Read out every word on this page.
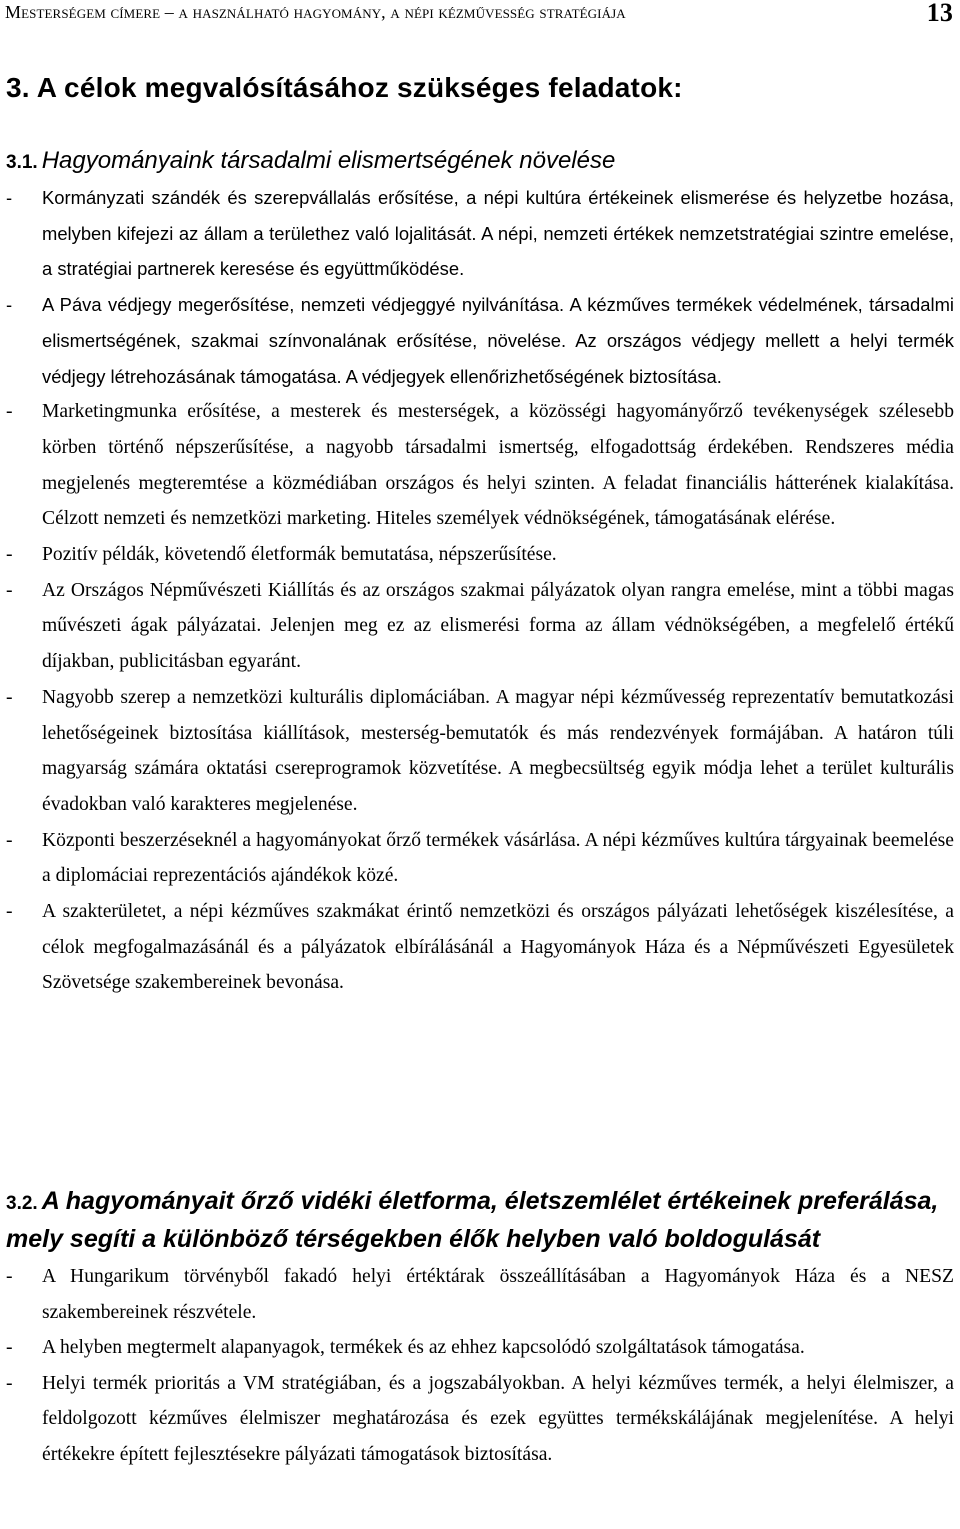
Mesterségem címere – a használható hagyomány, a népi kézművesség stratégiája	13
3. A célok megvalósításához szükséges feladatok:
3.1. Hagyományaink társadalmi elismertségének növelése
- Kormányzati szándék és szerepvállalás erősítése, a népi kultúra értékeinek elismerése és helyzetbe hozása, melyben kifejezi az állam a területhez való lojalitását. A népi, nemzeti értékek nemzetstratégiai szintre emelése, a stratégiai partnerek keresése és együttműködése.
- A Páva védjegy megerősítése, nemzeti védjeggyé nyilvánítása. A kézműves termékek védelmének, társadalmi elismertségének, szakmai színvonalának erősítése, növelése. Az országos védjegy mellett a helyi termék védjegy létrehozásának támogatása. A védjegyek ellenőrizhetőségének biztosítása.
- Marketingmunka erősítése, a mesterek és mesterségek, a közösségi hagyományőrző tevékenységek szélesebb körben történő népszerűsítése, a nagyobb társadalmi ismertség, elfogadottság érdekében. Rendszeres média megjelenés megteremtése a közmédiában országos és helyi szinten. A feladat financiális hátterének kialakítása. Célzott nemzeti és nemzetközi marketing. Hiteles személyek védnökségének, támogatásának elérése.
- Pozitív példák, követendő életformák bemutatása, népszerűsítése.
- Az Országos Népművészeti Kiállítás és az országos szakmai pályázatok olyan rangra emelése, mint a többi magas művészeti ágak pályázatai. Jelenjen meg ez az elismerési forma az állam védnökségében, a megfelelő értékű díjakban, publicitásban egyaránt.
- Nagyobb szerep a nemzetközi kulturális diplomáciában. A magyar népi kézművesség reprezentatív bemutatkozási lehetőségeinek biztosítása kiállítások, mesterség-bemutatók és más rendezvények formájában. A határon túli magyarság számára oktatási csereprogramok közvetítése. A megbecsültség egyik módja lehet a terület kulturális évadokban való karakteres megjelenése.
- Központi beszerzéseknél a hagyományokat őrző termékek vásárlása. A népi kézműves kultúra tárgyainak beemelése a diplomáciai reprezentációs ajándékok közé.
- A szakterületet, a népi kézműves szakmákat érintő nemzetközi és országos pályázati lehetőségek kiszélesítése, a célok megfogalmazásánál és a pályázatok elbírálásánál a Hagyományok Háza és a Népművészeti Egyesületek Szövetsége szakembereinek bevonása.
3.2. A hagyományait őrző vidéki életforma, életszemlélet értékeinek preferálása, mely segíti a különböző térségekben élők helyben való boldogulását
- A Hungarikum törvényből fakadó helyi értéktárak összeállításában a Hagyományok Háza és a NESZ szakembereinek részvétele.
- A helyben megtermelt alapanyagok, termékek és az ehhez kapcsolódó szolgáltatások támogatása.
- Helyi termék prioritás a VM stratégiában, és a jogszabályokban. A helyi kézműves termék, a helyi élelmiszer, a feldolgozott kézműves élelmiszer meghatározása és ezek együttes termékskálájának megjelenítése. A helyi értékekre épített fejlesztésekre pályázati támogatások biztosítása.
